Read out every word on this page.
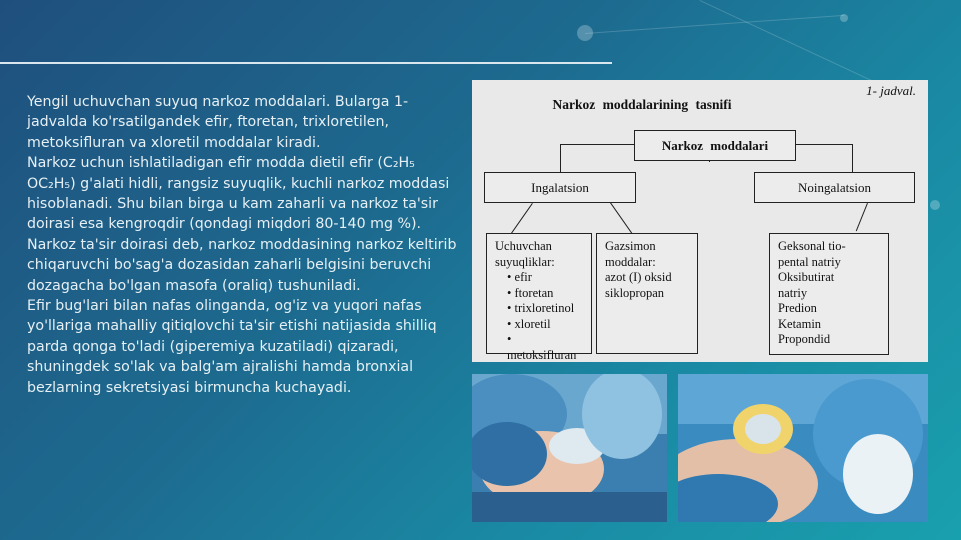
Yengil uchuvchan suyuq narkoz moddalari. Bularga 1-jadvalda ko'rsatilgandek efir, ftoretan, trixloretilen, metoksifluran va xloretil moddalar kiradi.

Narkoz uchun ishlatiladigan efir modda dietil efir (C₂H₅ OC₂H₅) g'alati hidli, rangsiz suyuqlik, kuchli narkoz moddasi hisoblanadi. Shu bilan birga u kam zaharli va narkoz ta'sir doirasi esa kengroqdir (qondagi miqdori 80-140 mg %).

Narkoz ta'sir doirasi deb, narkoz moddasining narkoz keltirib chiqaruvchi bo'sag'a dozasidan zaharli belgisini beruvchi dozagacha bo'lgan masofa (oraliq) tushuniladi.

Efir bug'lari bilan nafas olinganda, og'iz va yuqori nafas yo'llariga mahalliy qitiqlovchi ta'sir etishi natijasida shilliq parda qonga to'ladi (giperemiya kuzatiladi) qizaradi, shuningdek so'lak va balg'am ajralishi hamda bronxial bezlarning sekretsiyasi birmuncha kuchayadi.

1- jadval.
Narkoz moddalarining tasnifi
Narkoz moddalari
Ingalatsion	Noingalatsion
Uchuvchan suyuqliklar:
• efir
• ftoretan
• trixloretinol
• xloretil
• metoksifluran
Gazsimon
moddalar:
azot (I) oksid
siklopropan
Geksonal tio-
pental natriy
Oksibutirat
natriy
Predion
Ketamin
Propondid
